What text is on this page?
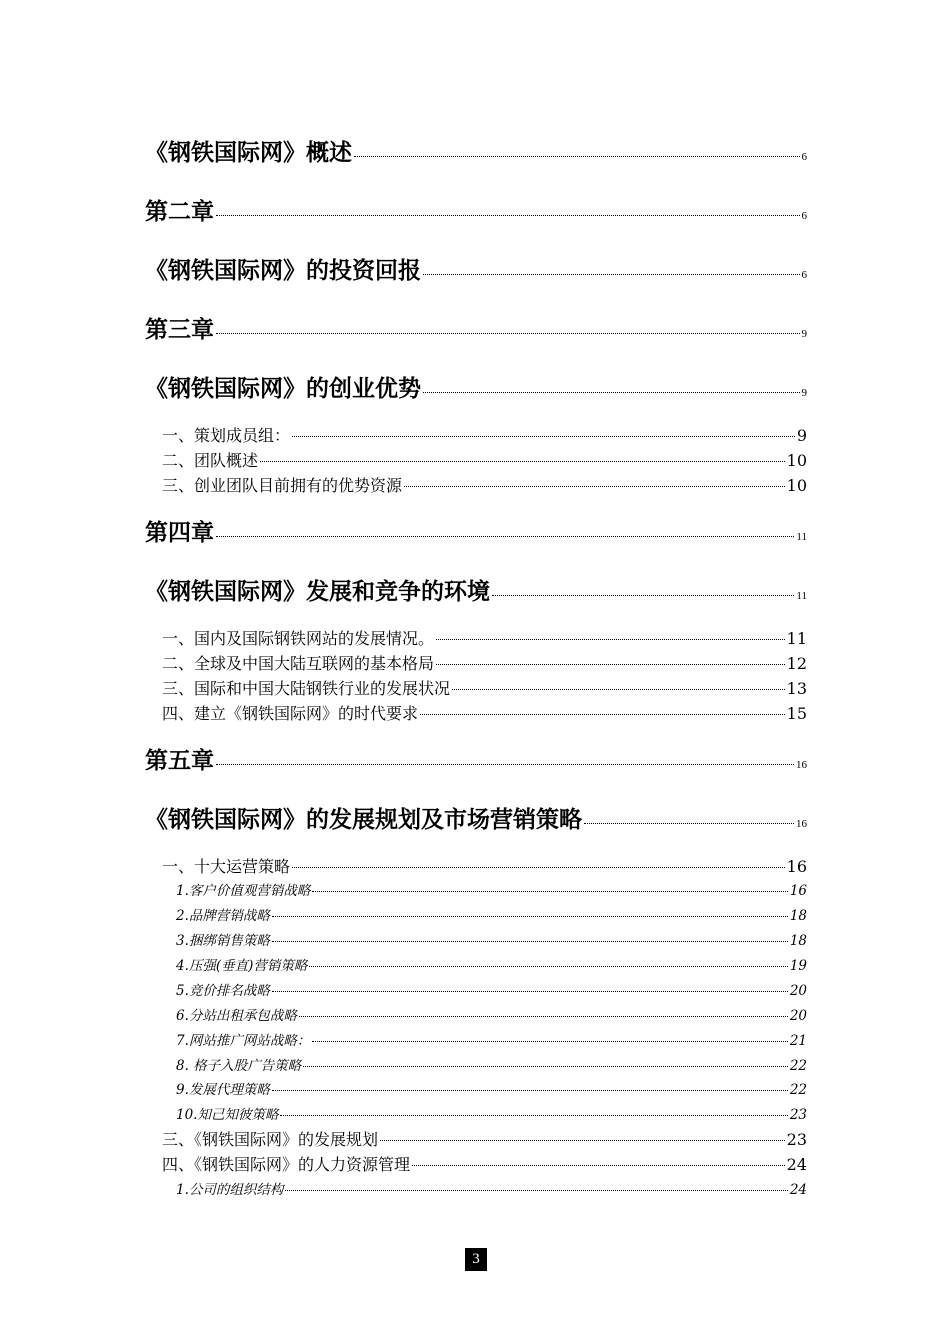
《钢铁国际网》概述	6
第二章	6
《钢铁国际网》的投资回报	6
第三章	9
《钢铁国际网》的创业优势	9
一、策划成员组：	9
二、团队概述	10
三、创业团队目前拥有的优势资源	10
第四章	11
《钢铁国际网》发展和竞争的环境	11
一、国内及国际钢铁网站的发展情况。	11
二、全球及中国大陆互联网的基本格局	12
三、国际和中国大陆钢铁行业的发展状况	13
四、建立《钢铁国际网》的时代要求	15
第五章	16
《钢铁国际网》的发展规划及市场营销策略	16
一、十大运营策略	16
1.客户价值观营销战略	16
2.品牌营销战略	18
3.捆绑销售策略	18
4.压强(垂直)营销策略	19
5.竞价排名战略	20
6.分站出租承包战略	20
7.网站推广网站战略：	21
8. 格子入股广告策略	22
9.发展代理策略	22
10.知己知彼策略	23
三、《钢铁国际网》的发展规划	23
四、《钢铁国际网》的人力资源管理	24
1.公司的组织结构	24
3
